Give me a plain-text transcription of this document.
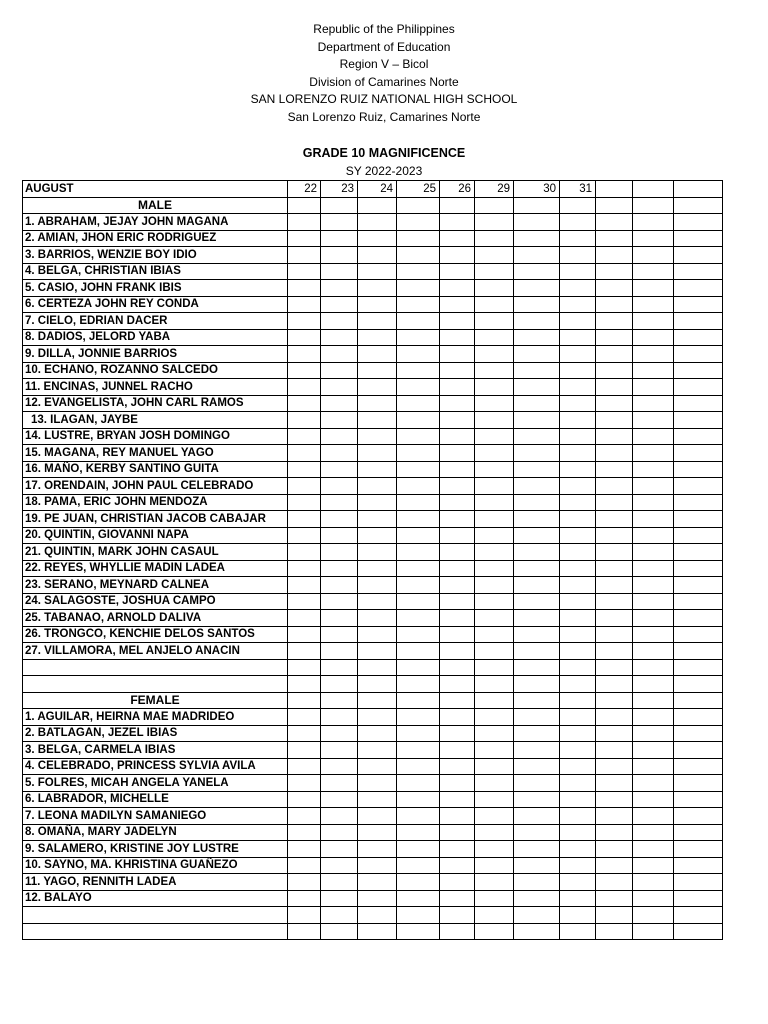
Republic of the Philippines
Department of Education
Region V – Bicol
Division of Camarines Norte
SAN LORENZO RUIZ NATIONAL HIGH SCHOOL
San Lorenzo Ruiz, Camarines Norte
GRADE 10 MAGNIFICENCE
SY 2022-2023
AUGUST	22	23	24	25	26	29	30	31			
MALE											
1. ABRAHAM, JEJAY JOHN MAGANA											
2. AMIAN, JHON ERIC RODRIGUEZ											
3. BARRIOS, WENZIE BOY IDIO											
4. BELGA, CHRISTIAN IBIAS											
5. CASIO, JOHN FRANK IBIS											
6. CERTEZA JOHN REY CONDA											
7. CIELO, EDRIAN DACER											
8. DADIOS, JELORD YABA											
9. DILLA, JONNIE BARRIOS											
10. ECHANO, ROZANNO SALCEDO											
11. ENCINAS, JUNNEL RACHO											
12. EVANGELISTA, JOHN CARL RAMOS											
13. ILAGAN, JAYBE											
14. LUSTRE, BRYAN JOSH DOMINGO											
15. MAGANA, REY MANUEL YAGO											
16. MAÑO, KERBY SANTINO GUITA											
17. ORENDAIN, JOHN PAUL CELEBRADO											
18. PAMA, ERIC JOHN MENDOZA											
19. PE JUAN, CHRISTIAN JACOB CABAJAR											
20. QUINTIN, GIOVANNI NAPA											
21. QUINTIN, MARK JOHN CASAUL											
22. REYES, WHYLLIE MADIN LADEA											
23. SERANO, MEYNARD CALNEA											
24. SALAGOSTE, JOSHUA CAMPO											
25. TABANAO, ARNOLD DALIVA											
26. TRONGCO, KENCHIE DELOS SANTOS											
27. VILLAMORA, MEL ANJELO ANACIN											

FEMALE											
1. AGUILAR, HEIRNA MAE MADRIDEO											
2. BATLAGAN, JEZEL IBIAS											
3. BELGA, CARMELA IBIAS											
4. CELEBRADO, PRINCESS SYLVIA AVILA											
5. FOLRES, MICAH ANGELA YANELA											
6. LABRADOR, MICHELLE											
7. LEONA MADILYN SAMANIEGO											
8. OMAÑA, MARY JADELYN											
9. SALAMERO, KRISTINE JOY LUSTRE											
10. SAYNO, MA. KHRISTINA GUAÑEZO											
11. YAGO, RENNITH LADEA											
12. BALAYO											
